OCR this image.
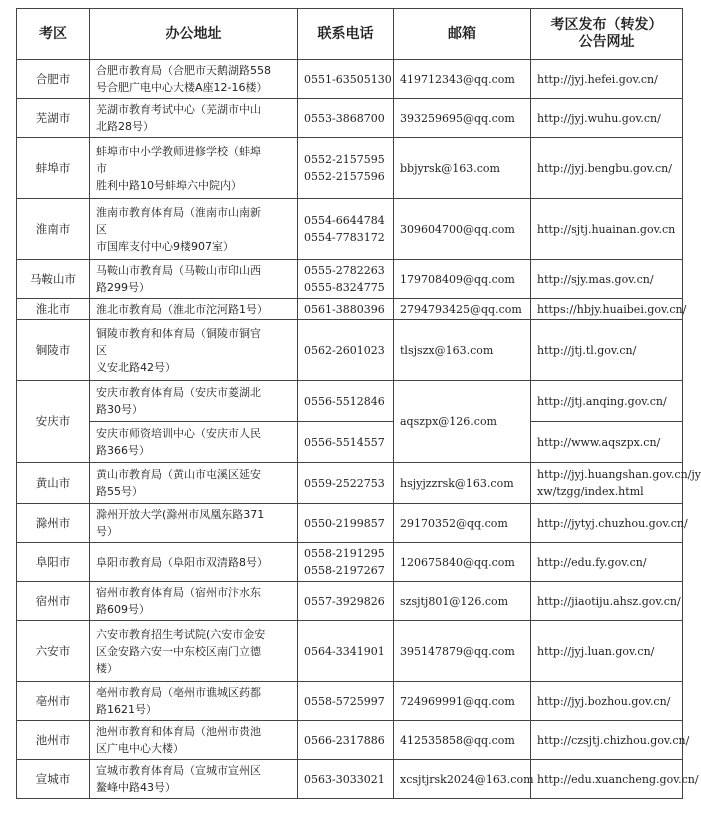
考区	办公地址	联系电话	邮箱	考区发布（转发）
公告网址

合肥市	合肥市教育局（合肥市天鹅湖路558
号合肥广电中心大楼A座12-16楼）	0551-63505130	419712343@qq.com	http://jyj.hefei.gov.cn/

芜湖市	芜湖市教育考试中心（芜湖市中山
北路28号）	0553-3868700	393259695@qq.com	http://jyj.wuhu.gov.cn/

蚌埠市	蚌埠市中小学教师进修学校（蚌埠
市
胜利中路10号蚌埠六中院内）	0552-2157595
0552-2157596	bbjyrsk@163.com	http://jyj.bengbu.gov.cn/

淮南市	淮南市教育体育局（淮南市山南新
区
市国库支付中心9楼907室）	0554-6644784
0554-7783172	309604700@qq.com	http://sjtj.huainan.gov.cn

马鞍山市	马鞍山市教育局（马鞍山市印山西
路299号）	0555-2782263
0555-8324775	179708409@qq.com	http://sjy.mas.gov.cn/

淮北市	淮北市教育局（淮北市沱河路1号）	0561-3880396	2794793425@qq.com	https://hbjy.huaibei.gov.cn/

铜陵市	铜陵市教育和体育局（铜陵市铜官
区
义安北路42号）	0562-2601023	tlsjszx@163.com	http://jtj.tl.gov.cn/

安庆市	安庆市教育体育局（安庆市菱湖北
路30号）	0556-5512846	aqszpx@126.com	http://jtj.anqing.gov.cn/

	安庆市师资培训中心（安庆市人民
路366号）	0556-5514557		http://www.aqszpx.cn/

黄山市	黄山市教育局（黄山市屯溪区延安
路55号）	0559-2522753	hsjyjzzrsk@163.com	http://jyj.huangshan.gov.cn/jy
xw/tzgg/index.html

滁州市	滁州开放大学(滁州市凤凰东路371
号）	0550-2199857	29170352@qq.com	http://jytyj.chuzhou.gov.cn/

阜阳市	阜阳市教育局（阜阳市双清路8号）	0558-2191295
0558-2197267	120675840@qq.com	http://edu.fy.gov.cn/

宿州市	宿州市教育体育局（宿州市汴水东
路609号）	0557-3929826	szsjtj801@126.com	http://jiaotiju.ahsz.gov.cn/

六安市	六安市教育招生考试院(六安市金安
区金安路六安一中东校区南门立德
楼）	0564-3341901	395147879@qq.com	http://jyj.luan.gov.cn/

亳州市	亳州市教育局（亳州市谯城区药都
路1621号）	0558-5725997	724969991@qq.com	http://jyj.bozhou.gov.cn/

池州市	池州市教育和体育局（池州市贵池
区广电中心大楼）	0566-2317886	412535858@qq.com	http://czsjtj.chizhou.gov.cn/

宣城市	宣城市教育体育局（宣城市宣州区
鳌峰中路43号）	0563-3033021	xcsjtjrsk2024@163.com	http://edu.xuancheng.gov.cn/
